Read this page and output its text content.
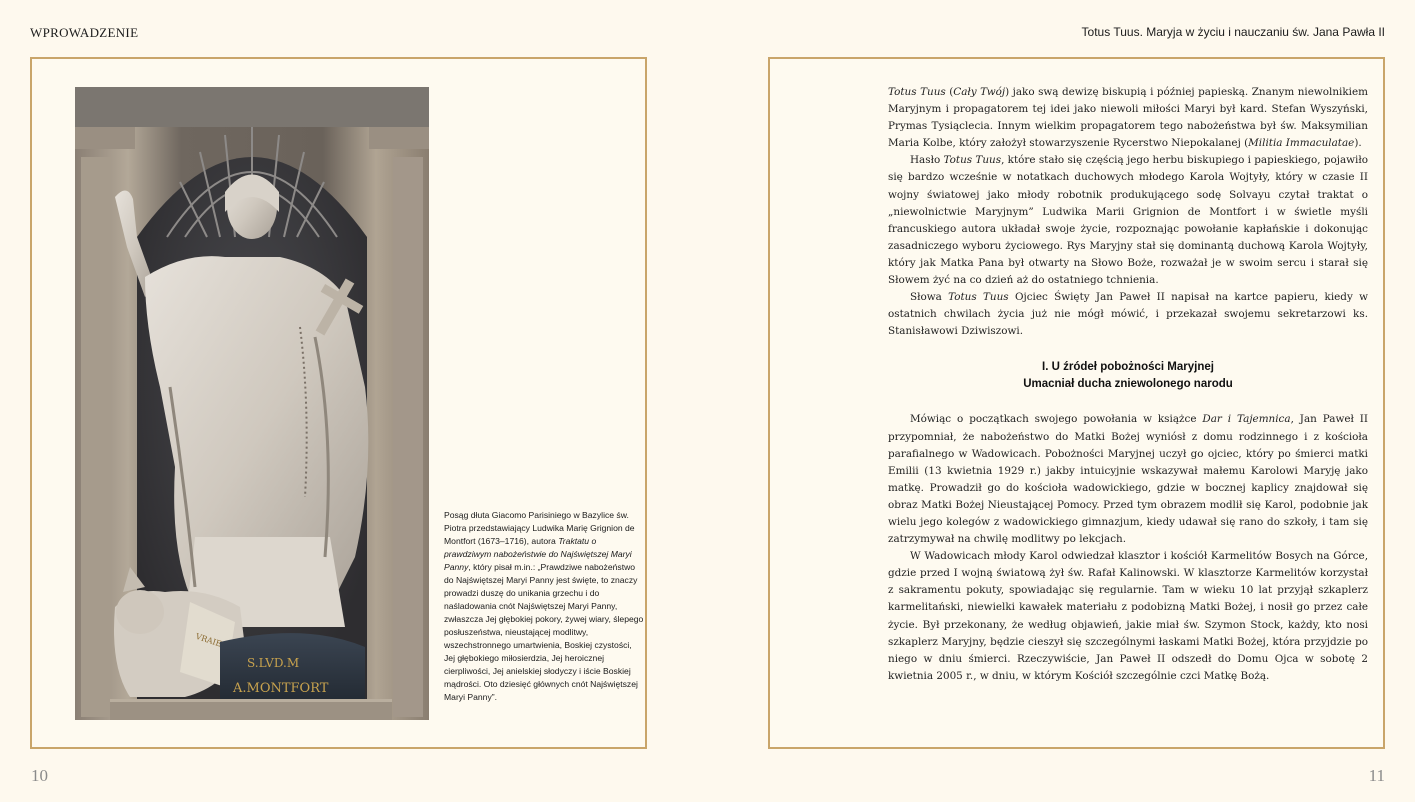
WPROWADZENIE	Totus Tuus. Maryja w życiu i nauczaniu św. Jana Pawła II
VRAIE
S.LVD.M
A.MONTFORT

Posąg dłuta Giacomo Parisiniego w Bazylice św. Piotra przedstawiający Ludwika Marię Grignion de Montfort (1673–1716), autora Traktatu o prawdziwym nabożeństwie do Najświętszej Maryi Panny, który pisał m.in.: „Prawdziwe nabożeństwo do Najświętszej Maryi Panny jest święte, to znaczy prowadzi duszę do unikania grzechu i do naśladowania cnót Najświętszej Maryi Panny, zwłaszcza Jej głębokiej pokory, żywej wiary, ślepego posłuszeństwa, nieustającej modlitwy, wszechstronnego umartwienia, Boskiej czystości, Jej głębokiego miłosierdzia, Jej heroicznej cierpliwości, Jej anielskiej słodyczy i iście Boskiej mądrości. Oto dziesięć głównych cnót Najświętszej Maryi Panny”.

Totus Tuus (Cały Twój) jako swą dewizę biskupią i później papieską. Znanym niewolnikiem Maryjnym i propagatorem tej idei jako niewoli miłości Maryi był kard. Stefan Wyszyński, Prymas Tysiąclecia. Innym wielkim propagatorem tego nabożeństwa był św. Maksymilian Maria Kolbe, który założył stowarzyszenie Rycerstwo Niepokalanej (Militia Immaculatae).

Hasło Totus Tuus, które stało się częścią jego herbu biskupiego i papieskiego, pojawiło się bardzo wcześnie w notatkach duchowych młodego Karola Wojtyły, który w czasie II wojny światowej jako młody robotnik produkującego sodę Solvayu czytał traktat o „niewolnictwie Maryjnym” Ludwika Marii Grignion de Montfort i w świetle myśli francuskiego autora układał swoje życie, rozpoznając powołanie kapłańskie i dokonując zasadniczego wyboru życiowego. Rys Maryjny stał się dominantą duchową Karola Wojtyły, który jak Matka Pana był otwarty na Słowo Boże, rozważał je w swoim sercu i starał się Słowem żyć na co dzień aż do ostatniego tchnienia.

Słowa Totus Tuus Ojciec Święty Jan Paweł II napisał na kartce papieru, kiedy w ostatnich chwilach życia już nie mógł mówić, i przekazał swojemu sekretarzowi ks. Stanisławowi Dziwiszowi.

I. U źródeł pobożności Maryjnej
Umacniał ducha zniewolonego narodu

Mówiąc o początkach swojego powołania w książce Dar i Tajemnica, Jan Paweł II przypomniał, że nabożeństwo do Matki Bożej wyniósł z domu rodzinnego i z kościoła parafialnego w Wadowicach. Pobożności Maryjnej uczył go ojciec, który po śmierci matki Emilii (13 kwietnia 1929 r.) jakby intuicyjnie wskazywał małemu Karolowi Maryję jako matkę. Prowadził go do kościoła wadowickiego, gdzie w bocznej kaplicy znajdował się obraz Matki Bożej Nieustającej Pomocy. Przed tym obrazem modlił się Karol, podobnie jak wielu jego kolegów z wadowickiego gimnazjum, kiedy udawał się rano do szkoły, i tam się zatrzymywał na chwilę modlitwy po lekcjach.

W Wadowicach młody Karol odwiedzał klasztor i kościół Karmelitów Bosych na Górce, gdzie przed I wojną światową żył św. Rafał Kalinowski. W klasztorze Karmelitów korzystał z sakramentu pokuty, spowiadając się regularnie. Tam w wieku 10 lat przyjął szkaplerz karmelitański, niewielki kawałek materiału z podobizną Matki Bożej, i nosił go przez całe życie. Był przekonany, że według objawień, jakie miał św. Szymon Stock, każdy, kto nosi szkaplerz Maryjny, będzie cieszył się szczególnymi łaskami Matki Bożej, która przyjdzie po niego w dniu śmierci. Rzeczywiście, Jan Paweł II odszedł do Domu Ojca w sobotę 2 kwietnia 2005 r., w dniu, w którym Kościół szczególnie czci Matkę Bożą.

10	11
